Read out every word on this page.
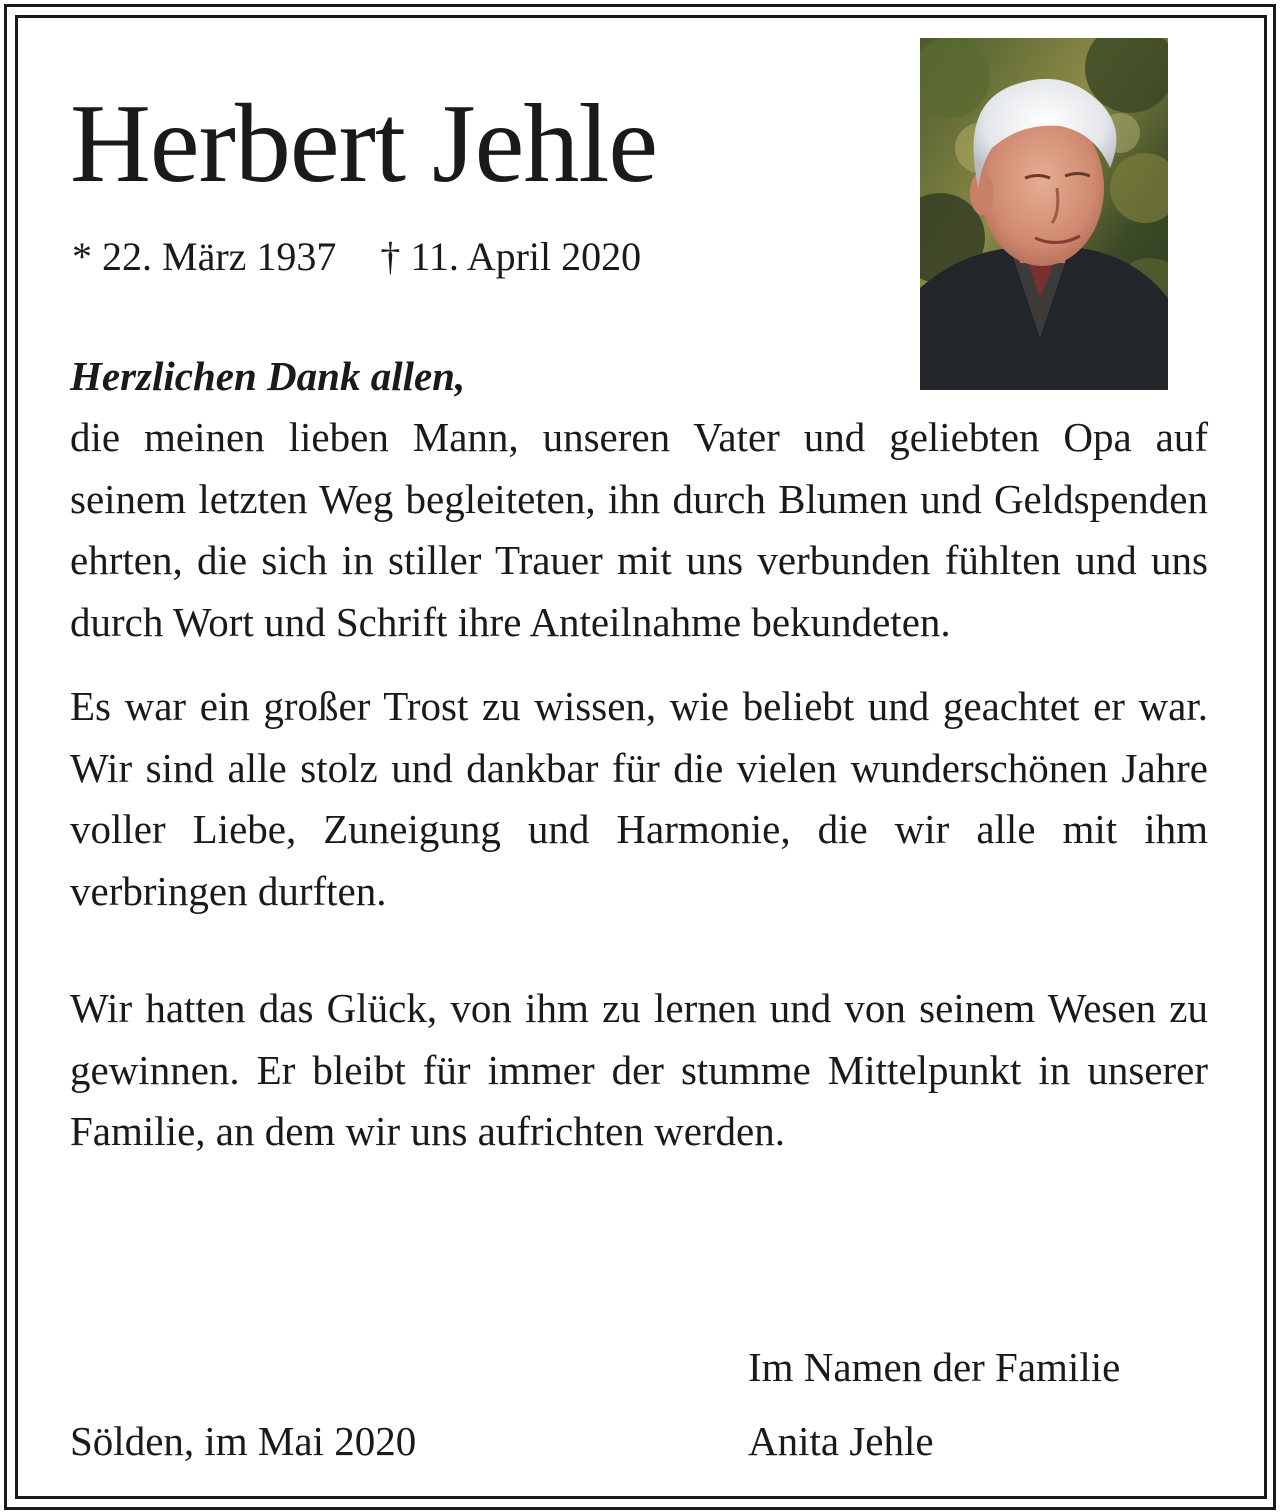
Herbert Jehle
* 22. März 1937 † 11. April 2020

Herzlichen Dank allen,

die meinen lieben Mann, unseren Vater und geliebten Opa auf seinem letzten Weg begleiteten, ihn durch Blumen und Geldspenden ehrten, die sich in stiller Trauer mit uns verbunden fühlten und uns durch Wort und Schrift ihre Anteilnahme bekundeten.

Es war ein großer Trost zu wissen, wie beliebt und geachtet er war. Wir sind alle stolz und dankbar für die vielen wunderschönen Jahre voller Liebe, Zuneigung und Harmonie, die wir alle mit ihm verbringen durften.

Wir hatten das Glück, von ihm zu lernen und von seinem Wesen zu gewinnen. Er bleibt für immer der stumme Mittelpunkt in unserer Familie, an dem wir uns aufrichten werden.

Im Namen der Familie
Anita Jehle
Sölden, im Mai 2020
